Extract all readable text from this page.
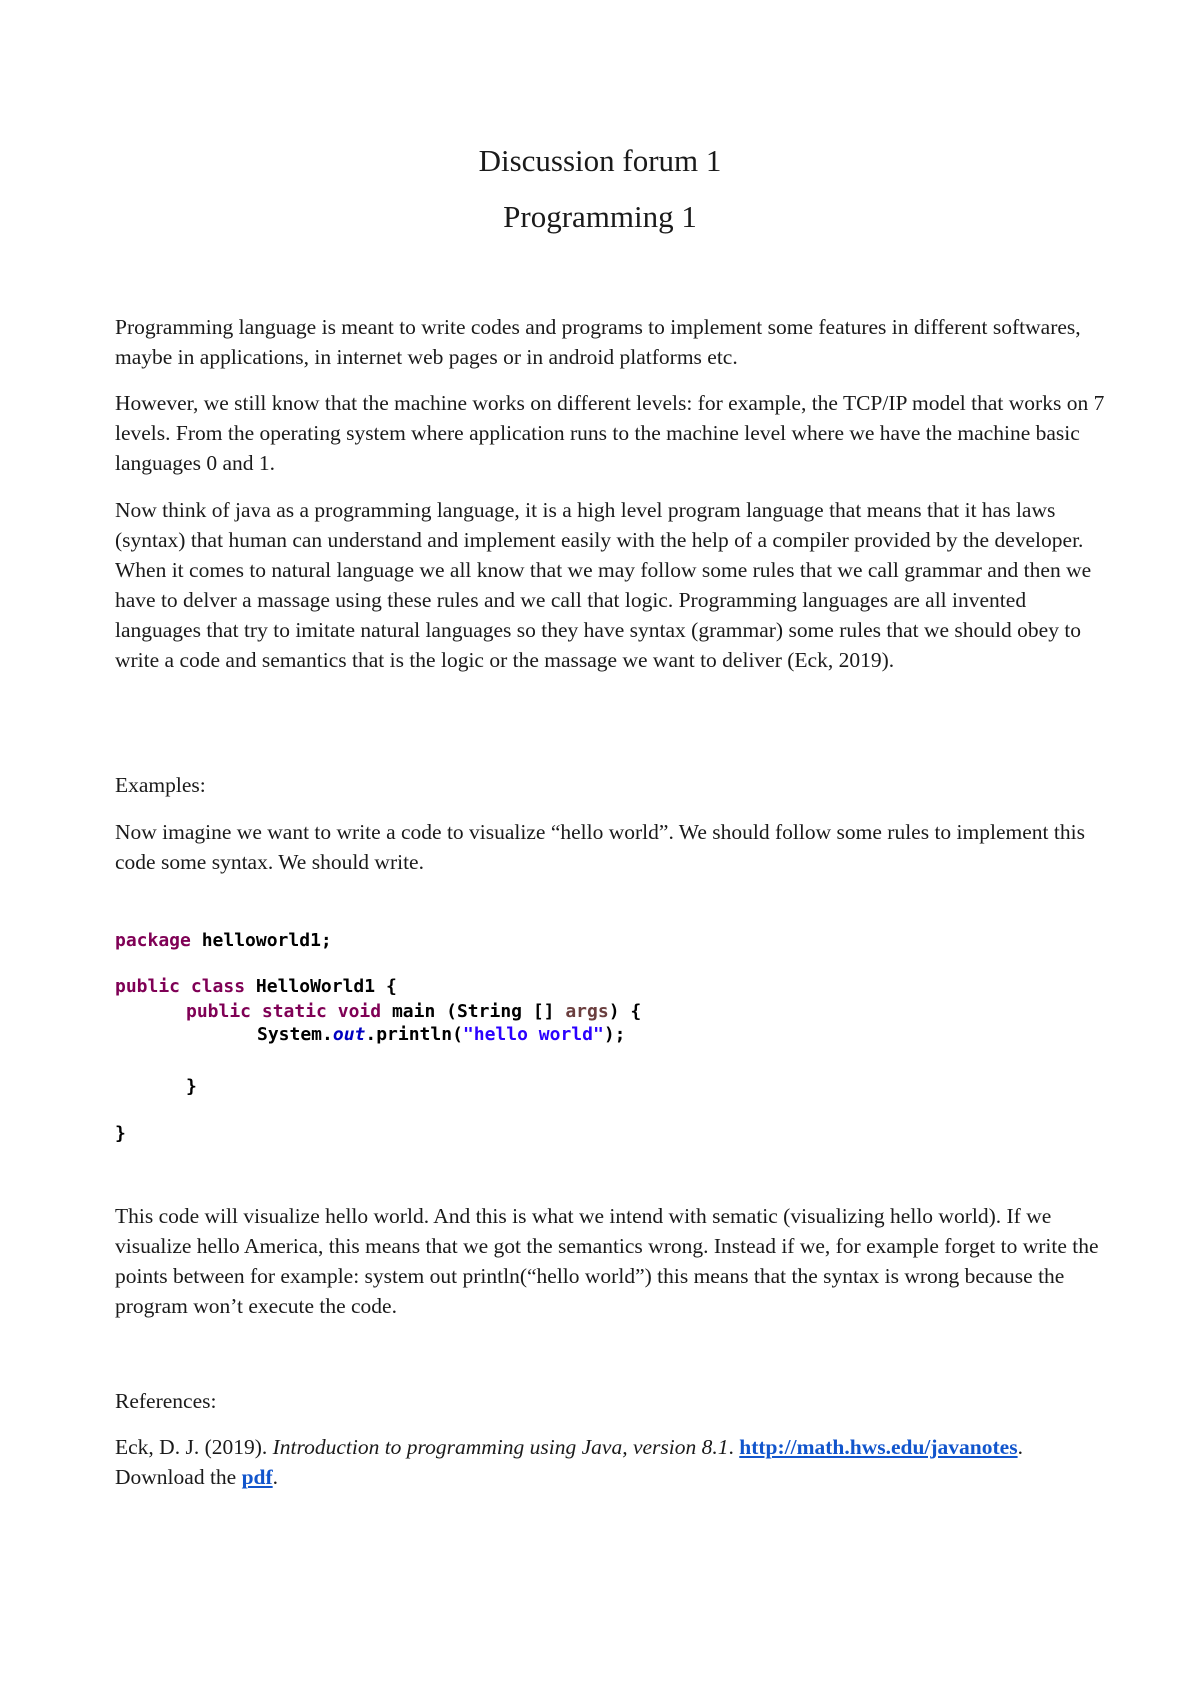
Discussion forum 1
Programming 1

Programming language is meant to write codes and programs to implement some features in different softwares, maybe in applications, in internet web pages or in android platforms etc.

However, we still know that the machine works on different levels: for example, the TCP/IP model that works on 7 levels. From the operating system where application runs to the machine level where we have the machine basic languages 0 and 1.

Now think of java as a programming language, it is a high level program language that means that it has laws (syntax) that human can understand and implement easily with the help of a compiler provided by the developer. When it comes to natural language we all know that we may follow some rules that we call grammar and then we have to delver a massage using these rules and we call that logic. Programming languages are all invented languages that try to imitate natural languages so they have syntax (grammar) some rules that we should obey to write a code and semantics that is the logic or the massage we want to deliver (Eck, 2019).

Examples:

Now imagine we want to write a code to visualize “hello world”. We should follow some rules to implement this code some syntax. We should write.

package helloworld1;

public class HelloWorld1 {

public static void main (String [] args) {

System.out.println("hello world");

}

}

This code will visualize hello world. And this is what we intend with sematic (visualizing hello world). If we visualize hello America, this means that we got the semantics wrong. Instead if we, for example forget to write the points between for example: system out println(“hello world”) this means that the syntax is wrong because the program won’t execute the code.

References:

Eck, D. J. (2019). Introduction to programming using Java, version 8.1. http://math.hws.edu/javanotes. Download the pdf.
